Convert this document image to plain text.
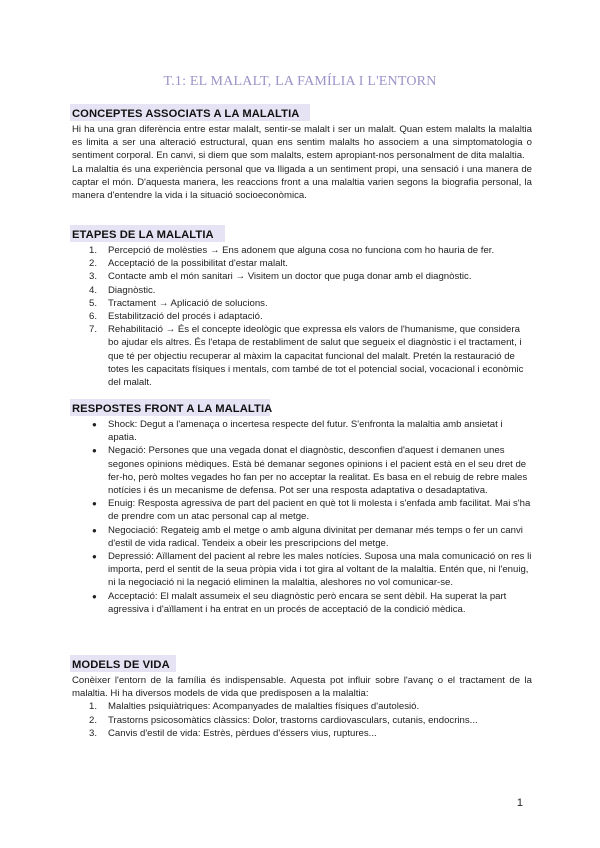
T.1: EL MALALT, LA FAMÍLIA I L'ENTORN
CONCEPTES ASSOCIATS A LA MALALTIA

Hi ha una gran diferència entre estar malalt, sentir-se malalt i ser un malalt. Quan estem malalts la malaltia es limita a ser una alteració estructural, quan ens sentim malalts ho associem a una simptomatologia o sentiment corporal. En canvi, si diem que som malalts, estem apropiant-nos personalment de dita malaltia.

La malaltia és una experiència personal que va lligada a un sentiment propi, una sensació i una manera de captar el món. D'aquesta manera, les reaccions front a una malaltia varien segons la biografia personal, la manera d'entendre la vida i la situació socioeconòmica.

ETAPES DE LA MALALTIA
1.	Percepció de molèsties → Ens adonem que alguna cosa no funciona com ho hauria de fer.
2.	Acceptació de la possibilitat d'estar malalt.
3.	Contacte amb el món sanitari → Visitem un doctor que puga donar amb el diagnòstic.
4.	Diagnòstic.
5.	Tractament → Aplicació de solucions.
6.	Estabilització del procés i adaptació.
7.	Rehabilitació → És el concepte ideològic que expressa els valors de l'humanisme, que considera bo ajudar els altres. És l'etapa de restabliment de salut que segueix el diagnòstic i el tractament, i que té per objectiu recuperar al màxim la capacitat funcional del malalt. Pretén la restauració de totes les capacitats físiques i mentals, com també de tot el potencial social, vocacional i econòmic del malalt.
RESPOSTES FRONT A LA MALALTIA
●	Shock: Degut a l'amenaça o incertesa respecte del futur. S'enfronta la malaltia amb ansietat i apatia.
●	Negació: Persones que una vegada donat el diagnòstic, desconfien d'aquest i demanen unes segones opinions mèdiques. Està bé demanar segones opinions i el pacient està en el seu dret de fer-ho, però moltes vegades ho fan per no acceptar la realitat. Es basa en el rebuig de rebre males notícies i és un mecanisme de defensa. Pot ser una resposta adaptativa o desadaptativa.
●	Enuig: Resposta agressiva de part del pacient en què tot li molesta i s'enfada amb facilitat. Mai s'ha de prendre com un atac personal cap al metge.
●	Negociació: Regateig amb el metge o amb alguna divinitat per demanar més temps o fer un canvi d'estil de vida radical. Tendeix a obeir les prescripcions del metge.
●	Depressió: Aïllament del pacient al rebre les males notícies. Suposa una mala comunicació on res li importa, perd el sentit de la seua pròpia vida i tot gira al voltant de la malaltia. Entén que, ni l'enuig, ni la negociació ni la negació eliminen la malaltia, aleshores no vol comunicar-se.
●	Acceptació: El malalt assumeix el seu diagnòstic però encara se sent dèbil. Ha superat la part agressiva i d'aïllament i ha entrat en un procés de acceptació de la condició mèdica.
MODELS DE VIDA

Conèixer l'entorn de la família és indispensable. Aquesta pot influir sobre l'avanç o el tractament de la malaltia. Hi ha diversos models de vida que predisposen a la malaltia:

1.	Malalties psiquiàtriques: Acompanyades de malalties físiques d'autolesió.
2.	Trastorns psicosomàtics clàssics: Dolor, trastorns cardiovasculars, cutanis, endocrins...
3.	Canvis d'estil de vida: Estrès, pèrdues d'éssers vius, ruptures...
1
